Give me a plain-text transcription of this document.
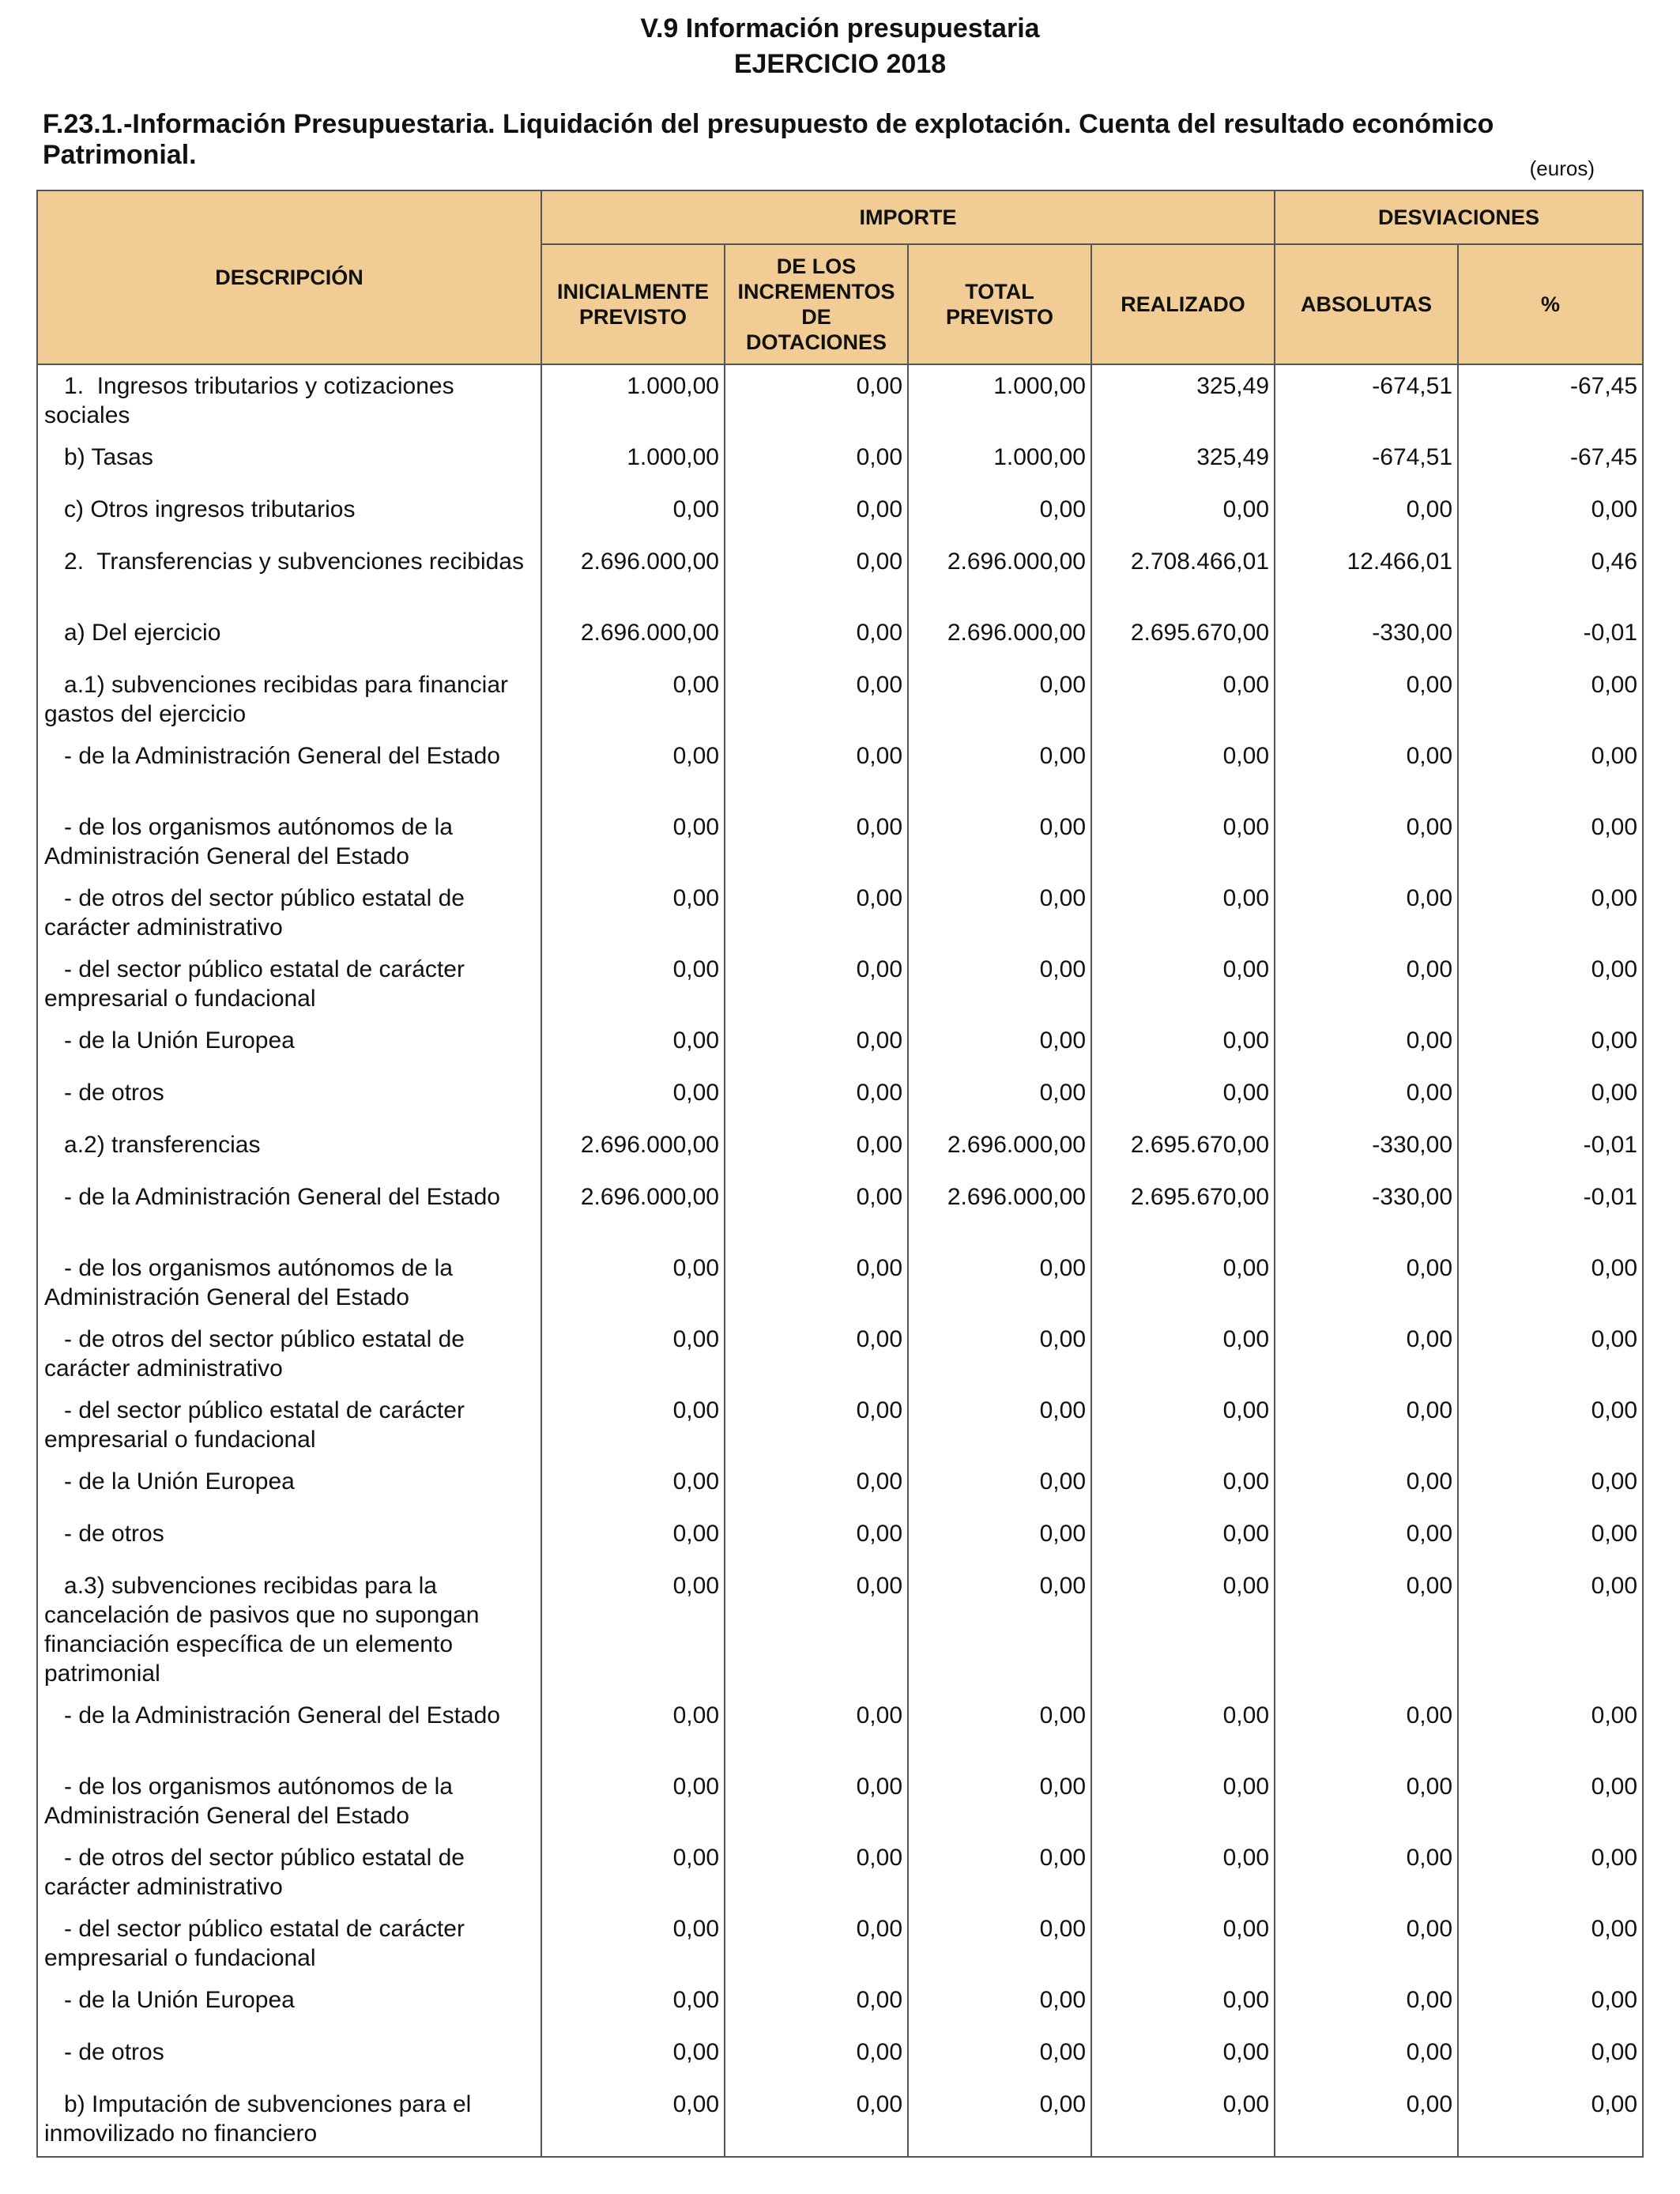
V.9 Información presupuestaria
EJERCICIO 2018
F.23.1.-Información Presupuestaria. Liquidación del presupuesto de explotación. Cuenta del resultado económico Patrimonial.	(euros)
DESCRIPCIÓN	IMPORTE				DESVIACIONES	
	INICIALMENTE PREVISTO	DE LOS INCREMENTOS DE DOTACIONES	TOTAL PREVISTO	REALIZADO	ABSOLUTAS	%
1.  Ingresos tributarios y cotizaciones sociales	1.000,00	0,00	1.000,00	325,49	-674,51	-67,45
b) Tasas	1.000,00	0,00	1.000,00	325,49	-674,51	-67,45
c) Otros ingresos tributarios	0,00	0,00	0,00	0,00	0,00	0,00
2.  Transferencias y subvenciones recibidas	2.696.000,00	0,00	2.696.000,00	2.708.466,01	12.466,01	0,46
a) Del ejercicio	2.696.000,00	0,00	2.696.000,00	2.695.670,00	-330,00	-0,01
a.1) subvenciones recibidas para financiar gastos del ejercicio	0,00	0,00	0,00	0,00	0,00	0,00
- de la Administración General del Estado	0,00	0,00	0,00	0,00	0,00	0,00
- de los organismos autónomos de la Administración General del Estado	0,00	0,00	0,00	0,00	0,00	0,00
- de otros del sector público estatal de carácter administrativo	0,00	0,00	0,00	0,00	0,00	0,00
- del sector público estatal de carácter empresarial o fundacional	0,00	0,00	0,00	0,00	0,00	0,00
- de la Unión Europea	0,00	0,00	0,00	0,00	0,00	0,00
- de otros	0,00	0,00	0,00	0,00	0,00	0,00
a.2) transferencias	2.696.000,00	0,00	2.696.000,00	2.695.670,00	-330,00	-0,01
- de la Administración General del Estado	2.696.000,00	0,00	2.696.000,00	2.695.670,00	-330,00	-0,01
- de los organismos autónomos de la Administración General del Estado	0,00	0,00	0,00	0,00	0,00	0,00
- de otros del sector público estatal de carácter administrativo	0,00	0,00	0,00	0,00	0,00	0,00
- del sector público estatal de carácter empresarial o fundacional	0,00	0,00	0,00	0,00	0,00	0,00
- de la Unión Europea	0,00	0,00	0,00	0,00	0,00	0,00
- de otros	0,00	0,00	0,00	0,00	0,00	0,00
a.3) subvenciones recibidas para la cancelación de pasivos que no supongan financiación específica de un elemento patrimonial	0,00	0,00	0,00	0,00	0,00	0,00
- de la Administración General del Estado	0,00	0,00	0,00	0,00	0,00	0,00
- de los organismos autónomos de la Administración General del Estado	0,00	0,00	0,00	0,00	0,00	0,00
- de otros del sector público estatal de carácter administrativo	0,00	0,00	0,00	0,00	0,00	0,00
- del sector público estatal de carácter empresarial o fundacional	0,00	0,00	0,00	0,00	0,00	0,00
- de la Unión Europea	0,00	0,00	0,00	0,00	0,00	0,00
- de otros	0,00	0,00	0,00	0,00	0,00	0,00
b) Imputación de subvenciones para el inmovilizado no financiero	0,00	0,00	0,00	0,00	0,00	0,00
